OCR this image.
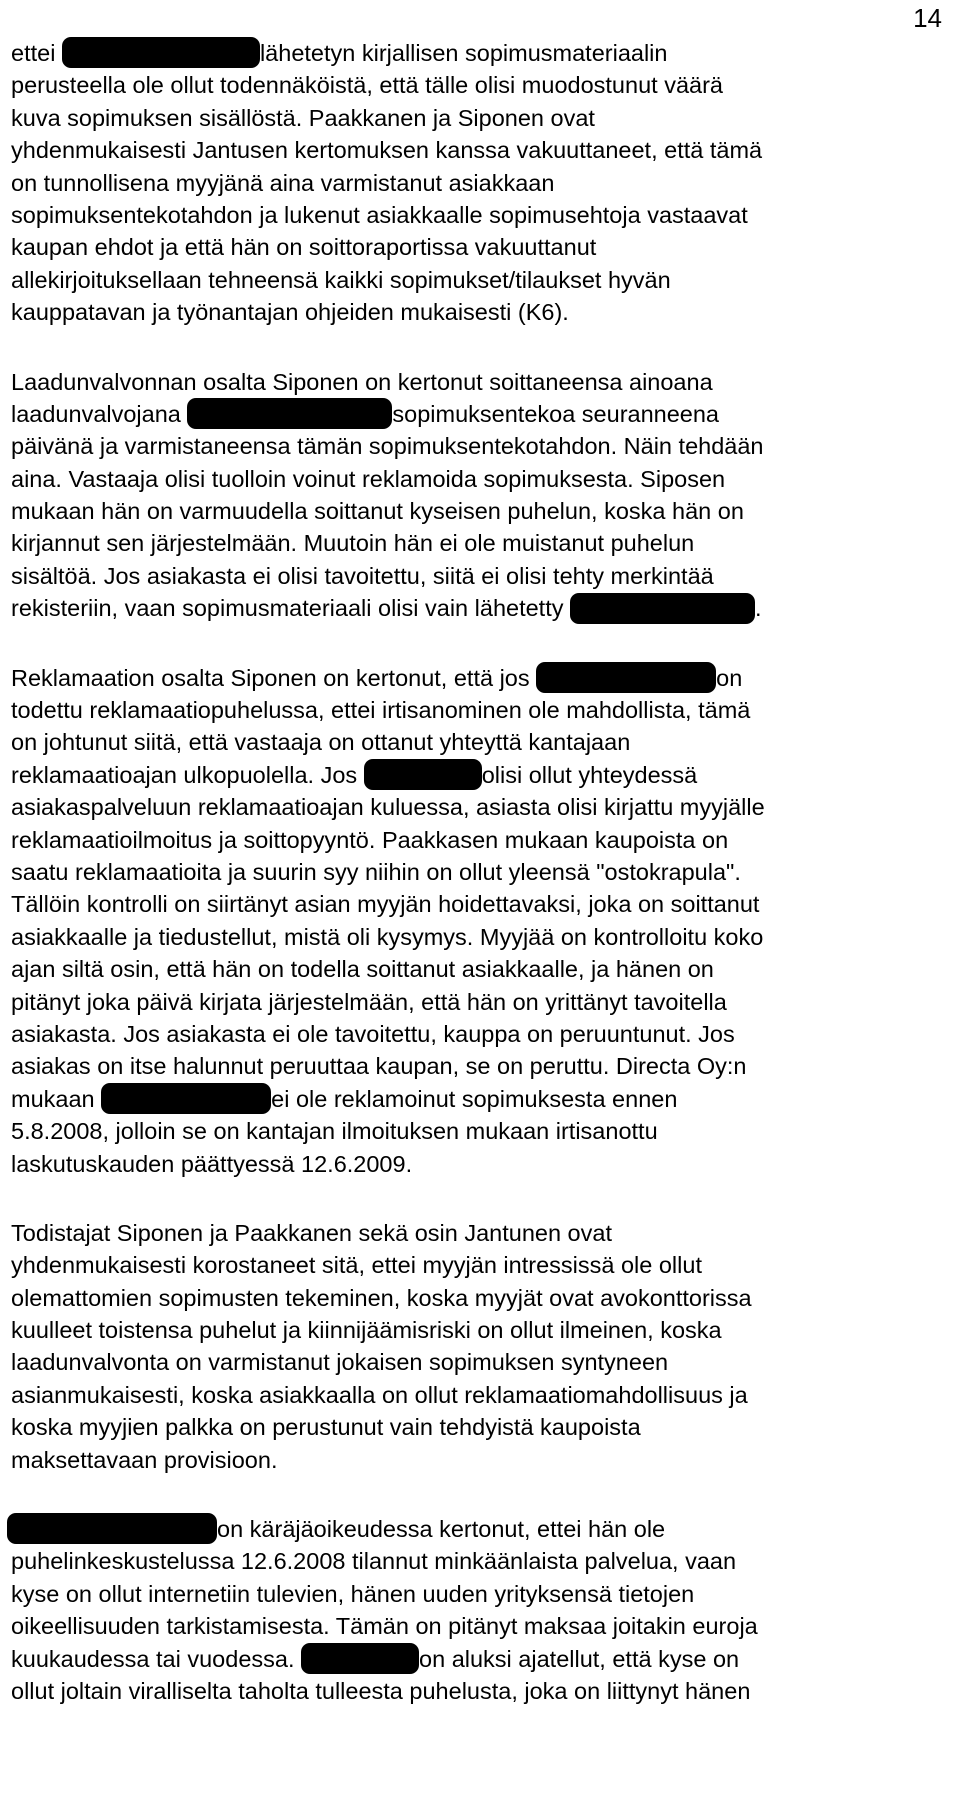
14
ettei	lähetetyn kirjallisen sopimusmateriaalin
perusteella ole ollut todennäköistä, että tälle olisi muodostunut väärä
kuva sopimuksen sisällöstä. Paakkanen ja Siponen ovat
yhdenmukaisesti Jantusen kertomuksen kanssa vakuuttaneet, että tämä
on tunnollisena myyjänä aina varmistanut asiakkaan
sopimuksentekotahdon ja lukenut asiakkaalle sopimusehtoja vastaavat
kaupan ehdot ja että hän on soittoraportissa vakuuttanut
allekirjoituksellaan tehneensä kaikki sopimukset/tilaukset hyvän
kauppatavan ja työnantajan ohjeiden mukaisesti (K6).
Laadunvalvonnan osalta Siponen on kertonut soittaneensa ainoana
laadunvalvojana	sopimuksentekoa seuranneena
päivänä ja varmistaneensa tämän sopimuksentekotahdon. Näin tehdään
aina. Vastaaja olisi tuolloin voinut reklamoida sopimuksesta. Siposen
mukaan hän on varmuudella soittanut kyseisen puhelun, koska hän on
kirjannut sen järjestelmään. Muutoin hän ei ole muistanut puhelun
sisältöä. Jos asiakasta ei olisi tavoitettu, siitä ei olisi tehty merkintää
rekisteriin, vaan sopimusmateriaali olisi vain lähetetty	.
Reklamaation osalta Siponen on kertonut, että jos	on
todettu reklamaatiopuhelussa, ettei irtisanominen ole mahdollista, tämä
on johtunut siitä, että vastaaja on ottanut yhteyttä kantajaan
reklamaatioajan ulkopuolella. Jos	olisi ollut yhteydessä
asiakaspalveluun reklamaatioajan kuluessa, asiasta olisi kirjattu myyjälle
reklamaatioilmoitus ja soittopyyntö. Paakkasen mukaan kaupoista on
saatu reklamaatioita ja suurin syy niihin on ollut yleensä "ostokrapula".
Tällöin kontrolli on siirtänyt asian myyjän hoidettavaksi, joka on soittanut
asiakkaalle ja tiedustellut, mistä oli kysymys. Myyjää on kontrolloitu koko
ajan siltä osin, että hän on todella soittanut asiakkaalle, ja hänen on
pitänyt joka päivä kirjata järjestelmään, että hän on yrittänyt tavoitella
asiakasta. Jos asiakasta ei ole tavoitettu, kauppa on peruuntunut. Jos
asiakas on itse halunnut peruuttaa kaupan, se on peruttu. Directa Oy:n
mukaan	ei ole reklamoinut sopimuksesta ennen
5.8.2008, jolloin se on kantajan ilmoituksen mukaan irtisanottu
laskutuskauden päättyessä 12.6.2009.
Todistajat Siponen ja Paakkanen sekä osin Jantunen ovat
yhdenmukaisesti korostaneet sitä, ettei myyjän intressissä ole ollut
olemattomien sopimusten tekeminen, koska myyjät ovat avokonttorissa
kuulleet toistensa puhelut ja kiinnijäämisriski on ollut ilmeinen, koska
laadunvalvonta on varmistanut jokaisen sopimuksen syntyneen
asianmukaisesti, koska asiakkaalla on ollut reklamaatiomahdollisuus ja
koska myyjien palkka on perustunut vain tehdyistä kaupoista
maksettavaan provisioon.
on käräjäoikeudessa kertonut, ettei hän ole
puhelinkeskustelussa 12.6.2008 tilannut minkäänlaista palvelua, vaan
kyse on ollut internetiin tulevien, hänen uuden yrityksensä tietojen
oikeellisuuden tarkistamisesta. Tämän on pitänyt maksaa joitakin euroja
kuukaudessa tai vuodessa.	on aluksi ajatellut, että kyse on
ollut joltain viralliselta taholta tulleesta puhelusta, joka on liittynyt hänen
